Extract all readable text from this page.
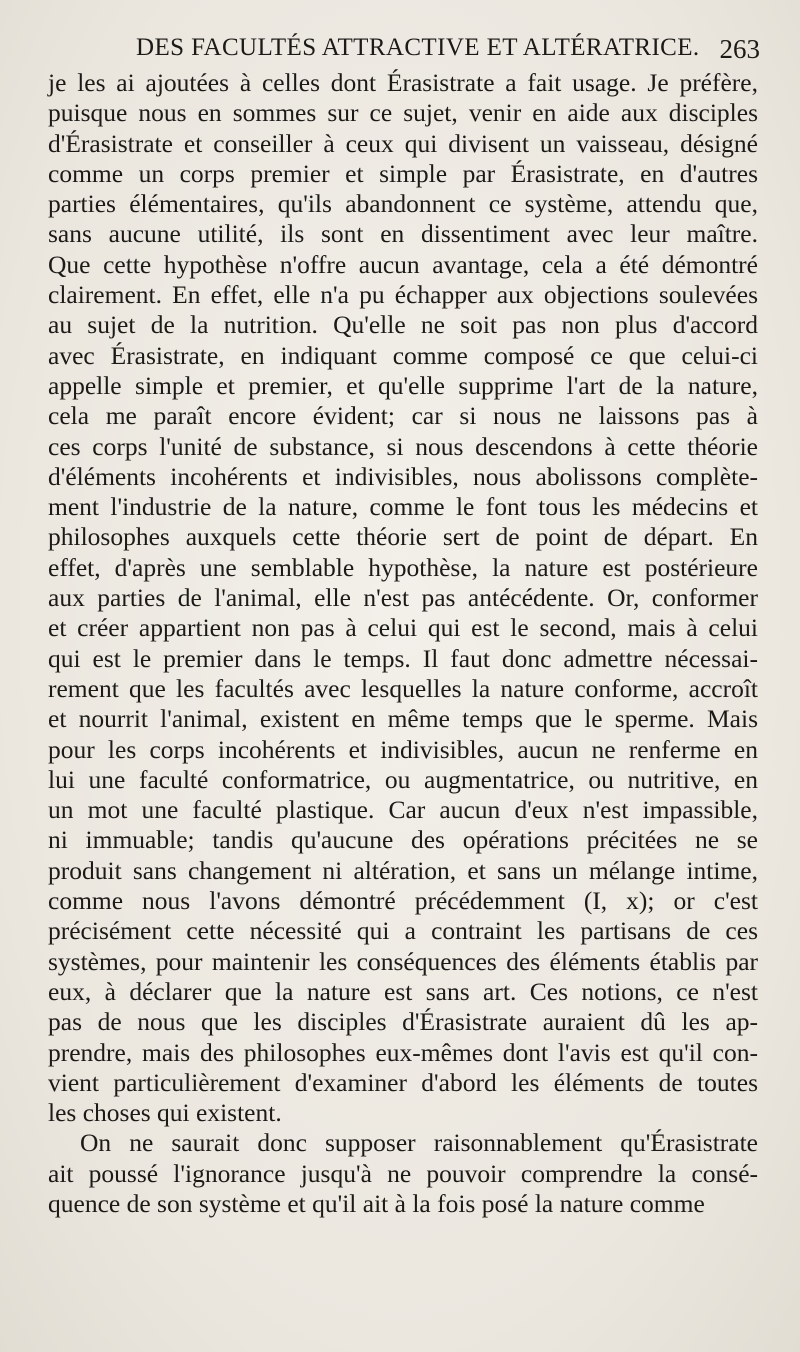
DES FACULTÉS ATTRACTIVE ET ALTÉRATRICE. 263
je les ai ajoutées à celles dont Érasistrate a fait usage. Je préfère,
puisque nous en sommes sur ce sujet, venir en aide aux disciples
d'Érasistrate et conseiller à ceux qui divisent un vaisseau, désigné
comme un corps premier et simple par Érasistrate, en d'autres
parties élémentaires, qu'ils abandonnent ce système, attendu que,
sans aucune utilité, ils sont en dissentiment avec leur maître.
Que cette hypothèse n'offre aucun avantage, cela a été démontré
clairement. En effet, elle n'a pu échapper aux objections soulevées
au sujet de la nutrition. Qu'elle ne soit pas non plus d'accord
avec Érasistrate, en indiquant comme composé ce que celui-ci
appelle simple et premier, et qu'elle supprime l'art de la nature,
cela me paraît encore évident; car si nous ne laissons pas à
ces corps l'unité de substance, si nous descendons à cette théorie
d'éléments incohérents et indivisibles, nous abolissons complète-
ment l'industrie de la nature, comme le font tous les médecins et
philosophes auxquels cette théorie sert de point de départ. En
effet, d'après une semblable hypothèse, la nature est postérieure
aux parties de l'animal, elle n'est pas antécédente. Or, conformer
et créer appartient non pas à celui qui est le second, mais à celui
qui est le premier dans le temps. Il faut donc admettre nécessai-
rement que les facultés avec lesquelles la nature conforme, accroît
et nourrit l'animal, existent en même temps que le sperme. Mais
pour les corps incohérents et indivisibles, aucun ne renferme en
lui une faculté conformatrice, ou augmentatrice, ou nutritive, en
un mot une faculté plastique. Car aucun d'eux n'est impassible,
ni immuable; tandis qu'aucune des opérations précitées ne se
produit sans changement ni altération, et sans un mélange intime,
comme nous l'avons démontré précédemment (I, x); or c'est
précisément cette nécessité qui a contraint les partisans de ces
systèmes, pour maintenir les conséquences des éléments établis par
eux, à déclarer que la nature est sans art. Ces notions, ce n'est
pas de nous que les disciples d'Érasistrate auraient dû les ap-
prendre, mais des philosophes eux-mêmes dont l'avis est qu'il con-
vient particulièrement d'examiner d'abord les éléments de toutes
les choses qui existent.
On ne saurait donc supposer raisonnablement qu'Érasistrate
ait poussé l'ignorance jusqu'à ne pouvoir comprendre la consé-
quence de son système et qu'il ait à la fois posé la nature comme
